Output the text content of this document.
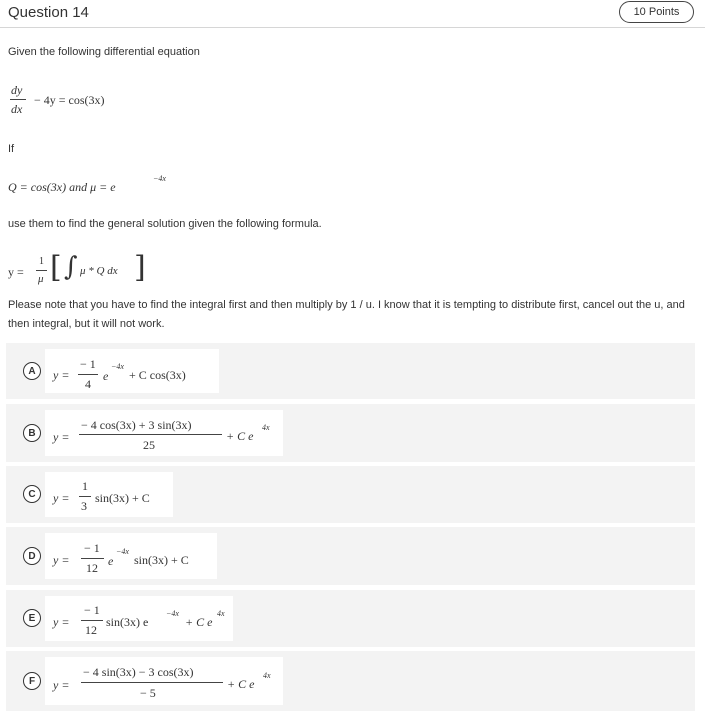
Question 14	10 Points
Given the following differential equation
dy
dx
− 4y = cos(3x)
If
Q = cos(3x) and μ = e
−4x
use them to find the general solution given the following formula.
y =
1
μ [ ∫ μ * Q dx ]
Please note that you have to find the integral first and then multiply by 1 / u. I know that it is tempting to distribute first, cancel out the u, and then integral, but it will not work.
A	y =
− 1
4
e
−4x
+ C cos(3x)
B	y =
− 4 cos(3x) + 3 sin(3x)
25
+ C e
4x
C	y =
1
3
sin(3x) + C
D	y =
− 1
12 e
−4x
sin(3x) + C
E	y =
− 1
12
sin(3x) e
−4x
+ C e
4x
F	y =
− 4 sin(3x) − 3 cos(3x)
− 5
+ C e
4x
